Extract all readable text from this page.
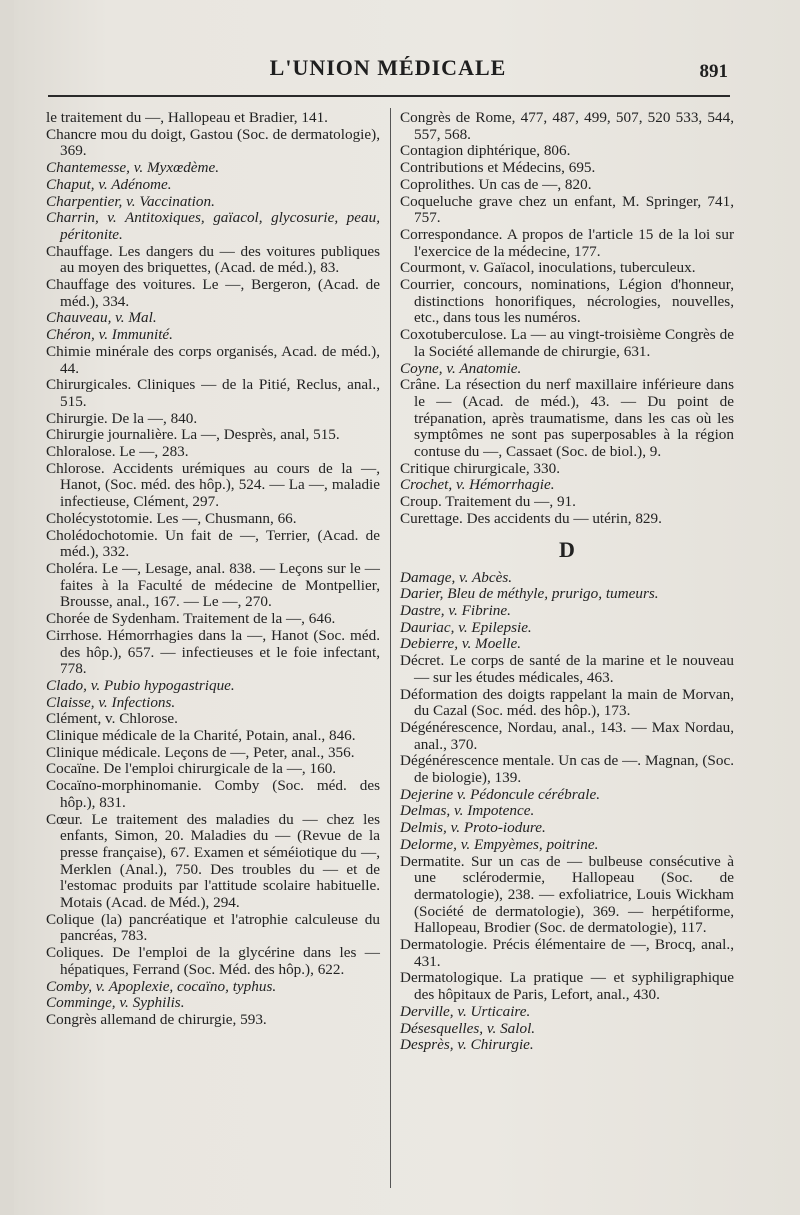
L'UNION MÉDICALE	891

le traitement du —, Hallopeau et Bradier, 141.

Chancre mou du doigt, Gastou (Soc. de dermatologie), 369.

Chantemesse, v. Myxœdème.

Chaput, v. Adénome.

Charpentier, v. Vaccination.

Charrin, v. Antitoxiques, gaïacol, glycosurie, peau, péritonite.

Chauffage. Les dangers du — des voitures publiques au moyen des briquettes, (Acad. de méd.), 83.

Chauffage des voitures. Le —, Bergeron, (Acad. de méd.), 334.

Chauveau, v. Mal.

Chéron, v. Immunité.

Chimie minérale des corps organisés, Acad. de méd.), 44.

Chirurgicales. Cliniques — de la Pitié, Reclus, anal., 515.

Chirurgie. De la —, 840.

Chirurgie journalière. La —, Desprès, anal, 515.

Chloralose. Le —, 283.

Chlorose. Accidents urémiques au cours de la —, Hanot, (Soc. méd. des hôp.), 524. — La —, maladie infectieuse, Clément, 297.

Cholécystotomie. Les —, Chusmann, 66.

Cholédochotomie. Un fait de —, Terrier, (Acad. de méd.), 332.

Choléra. Le —, Lesage, anal. 838. — Leçons sur le — faites à la Faculté de médecine de Montpellier, Brousse, anal., 167. — Le —, 270.

Chorée de Sydenham. Traitement de la —, 646.

Cirrhose. Hémorrhagies dans la —, Hanot (Soc. méd. des hôp.), 657. — infectieuses et le foie infectant, 778.

Clado, v. Pubio hypogastrique.

Claisse, v. Infections.

Clément, v. Chlorose.

Clinique médicale de la Charité, Potain, anal., 846.

Clinique médicale. Leçons de —, Peter, anal., 356.

Cocaïne. De l'emploi chirurgicale de la —, 160.

Cocaïno-morphinomanie. Comby (Soc. méd. des hôp.), 831.

Cœur. Le traitement des maladies du — chez les enfants, Simon, 20. Maladies du — (Revue de la presse française), 67. Examen et séméiotique du —, Merklen (Anal.), 750. Des troubles du — et de l'estomac produits par l'attitude scolaire habituelle. Motais (Acad. de Méd.), 294.

Colique (la) pancréatique et l'atrophie calculeuse du pancréas, 783.

Coliques. De l'emploi de la glycérine dans les — hépatiques, Ferrand (Soc. Méd. des hôp.), 622.

Comby, v. Apoplexie, cocaïno, typhus.

Comminge, v. Syphilis.

Congrès allemand de chirurgie, 593.

Congrès de Rome, 477, 487, 499, 507, 520 533, 544, 557, 568.

Contagion diphtérique, 806.

Contributions et Médecins, 695.

Coprolithes. Un cas de —, 820.

Coqueluche grave chez un enfant, M. Springer, 741, 757.

Correspondance. A propos de l'article 15 de la loi sur l'exercice de la médecine, 177.

Courmont, v. Gaïacol, inoculations, tuberculeux.

Courrier, concours, nominations, Légion d'honneur, distinctions honorifiques, nécrologies, nouvelles, etc., dans tous les numéros.

Coxotuberculose. La — au vingt-troisième Congrès de la Société allemande de chirurgie, 631.

Coyne, v. Anatomie.

Crâne. La résection du nerf maxillaire inférieure dans le — (Acad. de méd.), 43. — Du point de trépanation, après traumatisme, dans les cas où les symptômes ne sont pas superposables à la région contuse du —, Cassaet (Soc. de biol.), 9.

Critique chirurgicale, 330.

Crochet, v. Hémorrhagie.

Croup. Traitement du —, 91.

Curettage. Des accidents du — utérin, 829.

D

Damage, v. Abcès.

Darier, Bleu de méthyle, prurigo, tumeurs.

Dastre, v. Fibrine.

Dauriac, v. Epilepsie.

Debierre, v. Moelle.

Décret. Le corps de santé de la marine et le nouveau — sur les études médicales, 463.

Déformation des doigts rappelant la main de Morvan, du Cazal (Soc. méd. des hôp.), 173.

Dégénérescence, Nordau, anal., 143. — Max Nordau, anal., 370.

Dégénérescence mentale. Un cas de —. Magnan, (Soc. de biologie), 139.

Dejerine v. Pédoncule cérébrale.

Delmas, v. Impotence.

Delmis, v. Proto-iodure.

Delorme, v. Empyèmes, poitrine.

Dermatite. Sur un cas de — bulbeuse consécutive à une sclérodermie, Hallopeau (Soc. de dermatologie), 238. — exfoliatrice, Louis Wickham (Société de dermatologie), 369. — herpétiforme, Hallopeau, Brodier (Soc. de dermatologie), 117.

Dermatologie. Précis élémentaire de —, Brocq, anal., 431.

Dermatologique. La pratique — et syphiligraphique des hôpitaux de Paris, Lefort, anal., 430.

Derville, v. Urticaire.

Désesquelles, v. Salol.

Desprès, v. Chirurgie.
